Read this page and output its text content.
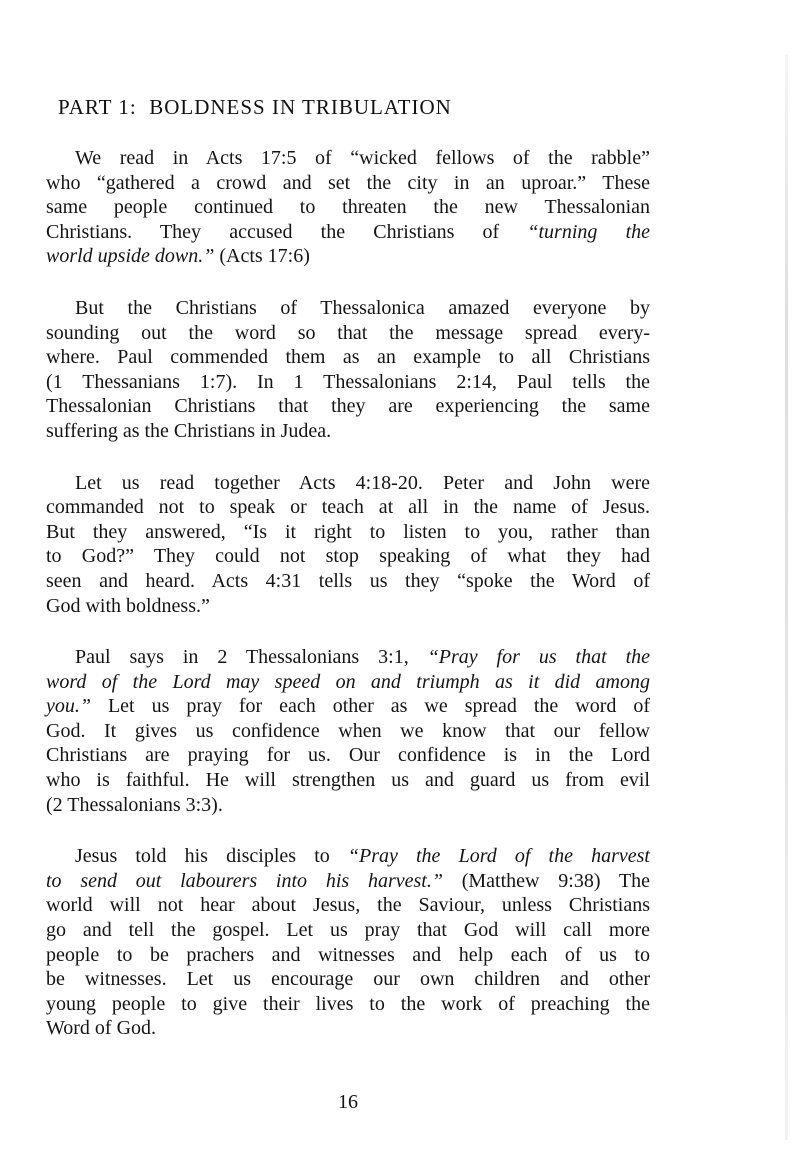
PART 1:  BOLDNESS IN TRIBULATION

We read in Acts 17:5 of “wicked fellows of the rabble”
who “gathered a crowd and set the city in an uproar.” These
same people continued to threaten the new Thessalonian
Christians. They accused the Christians of “turning the
world upside down.” (Acts 17:6)

But the Christians of Thessalonica amazed everyone by
sounding out the word so that the message spread every-
where. Paul commended them as an example to all Christians
(1 Thessanians 1:7). In 1 Thessalonians 2:14, Paul tells the
Thessalonian Christians that they are experiencing the same
suffering as the Christians in Judea.

Let us read together Acts 4:18-20. Peter and John were
commanded not to speak or teach at all in the name of Jesus.
But they answered, “Is it right to listen to you, rather than
to God?” They could not stop speaking of what they had
seen and heard. Acts 4:31 tells us they “spoke the Word of
God with boldness.”

Paul says in 2 Thessalonians 3:1, “Pray for us that the
word of the Lord may speed on and triumph as it did among
you.” Let us pray for each other as we spread the word of
God. It gives us confidence when we know that our fellow
Christians are praying for us. Our confidence is in the Lord
who is faithful. He will strengthen us and guard us from evil
(2 Thessalonians 3:3).

Jesus told his disciples to “Pray the Lord of the harvest
to send out labourers into his harvest.” (Matthew 9:38) The
world will not hear about Jesus, the Saviour, unless Christians
go and tell the gospel. Let us pray that God will call more
people to be prachers and witnesses and help each of us to
be witnesses. Let us encourage our own children and other
young people to give their lives to the work of preaching the
Word of God.

16
